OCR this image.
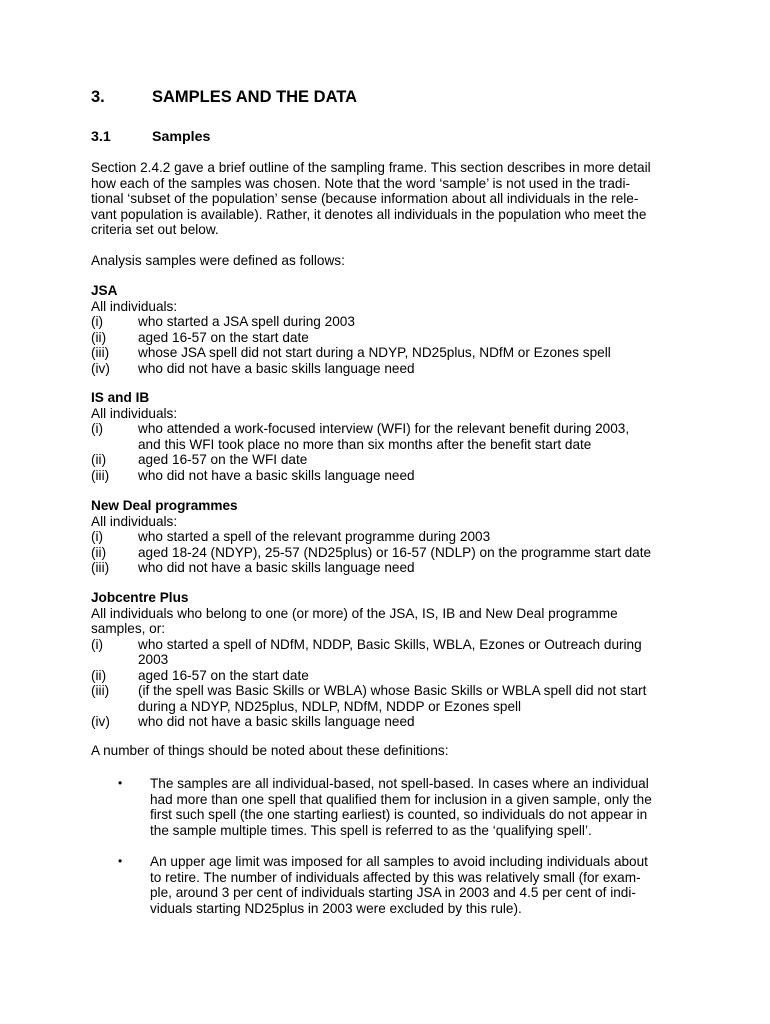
3.	SAMPLES AND THE DATA
3.1	Samples

Section 2.4.2 gave a brief outline of the sampling frame. This section describes in more detail

how each of the samples was chosen. Note that the word ‘sample’ is not used in the tradi-

tional ‘subset of the population’ sense (because information about all individuals in the rele-

vant population is available). Rather, it denotes all individuals in the population who meet the

criteria set out below.

Analysis samples were defined as follows:

JSA

All individuals:

(i)	who started a JSA spell during 2003
(ii)	aged 16-57 on the start date
(iii)	whose JSA spell did not start during a NDYP, ND25plus, NDfM or Ezones spell
(iv)	who did not have a basic skills language need

IS and IB

All individuals:

(i)	who attended a work-focused interview (WFI) for the relevant benefit during 2003,

and this WFI took place no more than six months after the benefit start date

(ii)	aged 16-57 on the WFI date
(iii)	who did not have a basic skills language need

New Deal programmes

All individuals:

(i)	who started a spell of the relevant programme during 2003
(ii)	aged 18-24 (NDYP), 25-57 (ND25plus) or 16-57 (NDLP) on the programme start date
(iii)	who did not have a basic skills language need

Jobcentre Plus

All individuals who belong to one (or more) of the JSA, IS, IB and New Deal programme

samples, or:

(i)	who started a spell of NDfM, NDDP, Basic Skills, WBLA, Ezones or Outreach during

2003

(ii)	aged 16-57 on the start date
(iii)	(if the spell was Basic Skills or WBLA) whose Basic Skills or WBLA spell did not start

during a NDYP, ND25plus, NDLP, NDfM, NDDP or Ezones spell

(iv)	who did not have a basic skills language need

A number of things should be noted about these definitions:

•	The samples are all individual-based, not spell-based. In cases where an individual

had more than one spell that qualified them for inclusion in a given sample, only the

first such spell (the one starting earliest) is counted, so individuals do not appear in

the sample multiple times. This spell is referred to as the ‘qualifying spell’.

•	An upper age limit was imposed for all samples to avoid including individuals about

to retire. The number of individuals affected by this was relatively small (for exam-

ple, around 3 per cent of individuals starting JSA in 2003 and 4.5 per cent of indi-

viduals starting ND25plus in 2003 were excluded by this rule).
